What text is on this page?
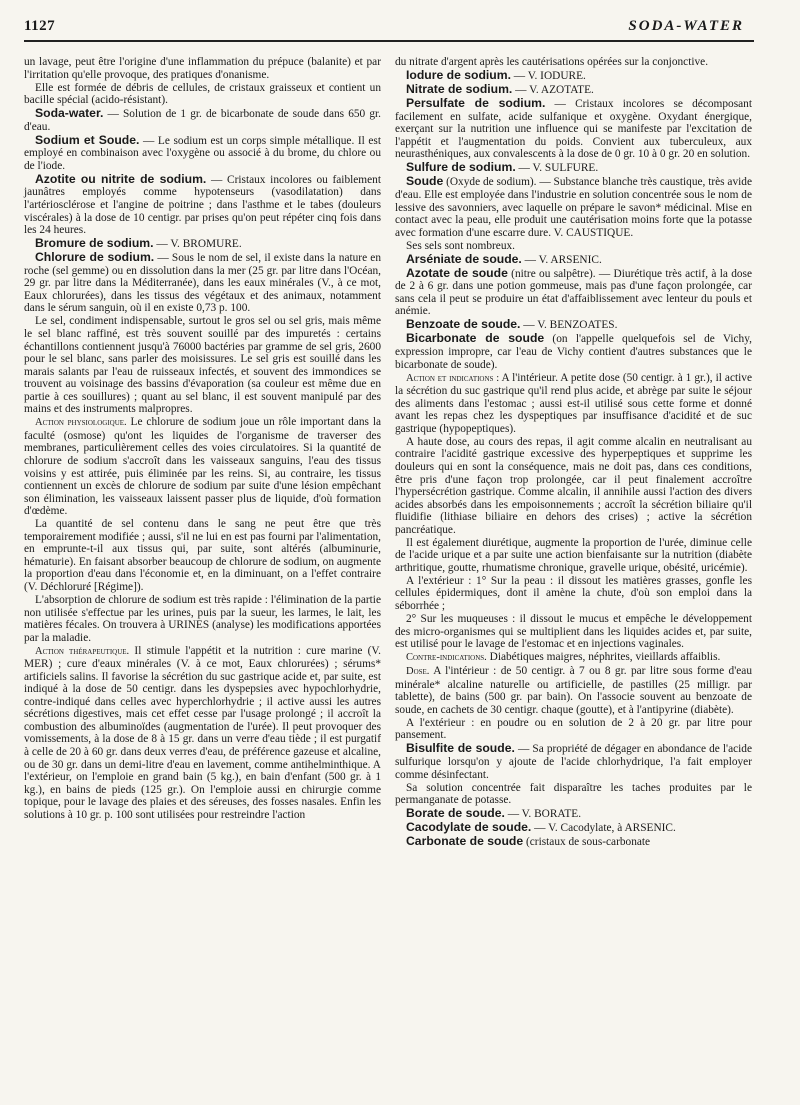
1127	SODA-WATER

un lavage, peut être l'origine d'une inflammation du prépuce (balanite) et par l'irritation qu'elle provoque, des pratiques d'onanisme.

Elle est formée de débris de cellules, de cristaux graisseux et contient un bacille spécial (acido-résistant).

Soda-water. — Solution de 1 gr. de bicarbonate de soude dans 650 gr. d'eau.

Sodium et Soude. — Le sodium est un corps simple métallique. Il est employé en combinaison avec l'oxygène ou associé à du brome, du chlore ou de l'iode.

Azotite ou nitrite de sodium. — Cristaux incolores ou faiblement jaunâtres employés comme hypotenseurs (vasodilatation) dans l'artériosclérose et l'angine de poitrine ; dans l'asthme et le tabes (douleurs viscérales) à la dose de 10 centigr. par prises qu'on peut répéter cinq fois dans les 24 heures.

Bromure de sodium. — V. BROMURE.

Chlorure de sodium. — Sous le nom de sel, il existe dans la nature en roche (sel gemme) ou en dissolution dans la mer (25 gr. par litre dans l'Océan, 29 gr. par litre dans la Méditerranée), dans les eaux minérales (V., à ce mot, Eaux chlorurées), dans les tissus des végétaux et des animaux, notamment dans le sérum sanguin, où il en existe 0,73 p. 100.

Le sel, condiment indispensable, surtout le gros sel ou sel gris, mais même le sel blanc raffiné, est très souvent souillé par des impuretés : certains échantillons contiennent jusqu'à 76000 bactéries par gramme de sel gris, 2600 pour le sel blanc, sans parler des moisissures. Le sel gris est souillé dans les marais salants par l'eau de ruisseaux infectés, et souvent des immondices se trouvent au voisinage des bassins d'évaporation (sa couleur est même due en partie à ces souillures) ; quant au sel blanc, il est souvent manipulé par des mains et des instruments malpropres.

Action physiologique. Le chlorure de sodium joue un rôle important dans la faculté (osmose) qu'ont les liquides de l'organisme de traverser des membranes, particulièrement celles des voies circulatoires. Si la quantité de chlorure de sodium s'accroît dans les vaisseaux sanguins, l'eau des tissus voisins y est attirée, puis éliminée par les reins. Si, au contraire, les tissus contiennent un excès de chlorure de sodium par suite d'une lésion empêchant son élimination, les vaisseaux laissent passer plus de liquide, d'où formation d'œdème.

La quantité de sel contenu dans le sang ne peut être que très temporairement modifiée ; aussi, s'il ne lui en est pas fourni par l'alimentation, en emprunte-t-il aux tissus qui, par suite, sont altérés (albuminurie, hématurie). En faisant absorber beaucoup de chlorure de sodium, on augmente la proportion d'eau dans l'économie et, en la diminuant, on a l'effet contraire (V. Déchloruré [Régime]).

L'absorption de chlorure de sodium est très rapide : l'élimination de la partie non utilisée s'effectue par les urines, puis par la sueur, les larmes, le lait, les matières fécales. On trouvera à URINES (analyse) les modifications apportées par la maladie.

Action thérapeutique. Il stimule l'appétit et la nutrition : cure marine (V. MER) ; cure d'eaux minérales (V. à ce mot, Eaux chlorurées) ; sérums* artificiels salins. Il favorise la sécrétion du suc gastrique acide et, par suite, est indiqué à la dose de 50 centigr. dans les dyspepsies avec hypochlorhydrie, contre-indiqué dans celles avec hyperchlorhydrie ; il active aussi les autres sécrétions digestives, mais cet effet cesse par l'usage prolongé ; il accroît la combustion des albuminoïdes (augmentation de l'urée). Il peut provoquer des vomissements, à la dose de 8 à 15 gr. dans un verre d'eau tiède ; il est purgatif à celle de 20 à 60 gr. dans deux verres d'eau, de préférence gazeuse et alcaline, ou de 30 gr. dans un demi-litre d'eau en lavement, comme antihelminthique. A l'extérieur, on l'emploie en grand bain (5 kg.), en bain d'enfant (500 gr. à 1 kg.), en bains de pieds (125 gr.). On l'emploie aussi en chirurgie comme topique, pour le lavage des plaies et des séreuses, des fosses nasales. Enfin les solutions à 10 gr. p. 100 sont utilisées pour restreindre l'action

du nitrate d'argent après les cautérisations opérées sur la conjonctive.

Iodure de sodium. — V. IODURE.

Nitrate de sodium. — V. AZOTATE.

Persulfate de sodium. — Cristaux incolores se décomposant facilement en sulfate, acide sulfanique et oxygène. Oxydant énergique, exerçant sur la nutrition une influence qui se manifeste par l'excitation de l'appétit et l'augmentation du poids. Convient aux tuberculeux, aux neurasthéniques, aux convalescents à la dose de 0 gr. 10 à 0 gr. 20 en solution.

Sulfure de sodium. — V. SULFURE.

Soude (Oxyde de sodium). — Substance blanche très caustique, très avide d'eau. Elle est employée dans l'industrie en solution concentrée sous le nom de lessive des savonniers, avec laquelle on prépare le savon* médicinal. Mise en contact avec la peau, elle produit une cautérisation moins forte que la potasse avec formation d'une escarre dure. V. CAUSTIQUE.

Ses sels sont nombreux.

Arséniate de soude. — V. ARSENIC.

Azotate de soude (nitre ou salpêtre). — Diurétique très actif, à la dose de 2 à 6 gr. dans une potion gommeuse, mais pas d'une façon prolongée, car sans cela il peut se produire un état d'affaiblissement avec lenteur du pouls et anémie.

Benzoate de soude. — V. BENZOATES.

Bicarbonate de soude (on l'appelle quelquefois sel de Vichy, expression impropre, car l'eau de Vichy contient d'autres substances que le bicarbonate de soude).

Action et indications : A l'intérieur. A petite dose (50 centigr. à 1 gr.), il active la sécrétion du suc gastrique qu'il rend plus acide, et abrège par suite le séjour des aliments dans l'estomac ; aussi est-il utilisé sous cette forme et donné avant les repas chez les dyspeptiques par insuffisance d'acidité et de suc gastrique (hypopeptiques).

A haute dose, au cours des repas, il agit comme alcalin en neutralisant au contraire l'acidité gastrique excessive des hyperpeptiques et supprime les douleurs qui en sont la conséquence, mais ne doit pas, dans ces conditions, être pris d'une façon trop prolongée, car il peut finalement accroître l'hypersécrétion gastrique. Comme alcalin, il annihile aussi l'action des divers acides absorbés dans les empoisonnements ; accroît la sécrétion biliaire qu'il fluidifie (lithiase biliaire en dehors des crises) ; active la sécrétion pancréatique.

Il est également diurétique, augmente la proportion de l'urée, diminue celle de l'acide urique et a par suite une action bienfaisante sur la nutrition (diabète arthritique, goutte, rhumatisme chronique, gravelle urique, obésité, uricémie).

A l'extérieur : 1° Sur la peau : il dissout les matières grasses, gonfle les cellules épidermiques, dont il amène la chute, d'où son emploi dans la séborrhée ;

2° Sur les muqueuses : il dissout le mucus et empêche le développement des micro-organismes qui se multiplient dans les liquides acides et, par suite, est utilisé pour le lavage de l'estomac et en injections vaginales.

Contre-indications. Diabétiques maigres, néphrites, vieillards affaiblis.

Dose. A l'intérieur : de 50 centigr. à 7 ou 8 gr. par litre sous forme d'eau minérale* alcaline naturelle ou artificielle, de pastilles (25 milligr. par tablette), de bains (500 gr. par bain). On l'associe souvent au benzoate de soude, en cachets de 30 centigr. chaque (goutte), et à l'antipyrine (diabète).

A l'extérieur : en poudre ou en solution de 2 à 20 gr. par litre pour pansement.

Bisulfite de soude. — Sa propriété de dégager en abondance de l'acide sulfurique lorsqu'on y ajoute de l'acide chlorhydrique, l'a fait employer comme désinfectant.

Sa solution concentrée fait disparaître les taches produites par le permanganate de potasse.

Borate de soude. — V. BORATE.

Cacodylate de soude. — V. Cacodylate, à ARSENIC.

Carbonate de soude (cristaux de sous-carbonate
